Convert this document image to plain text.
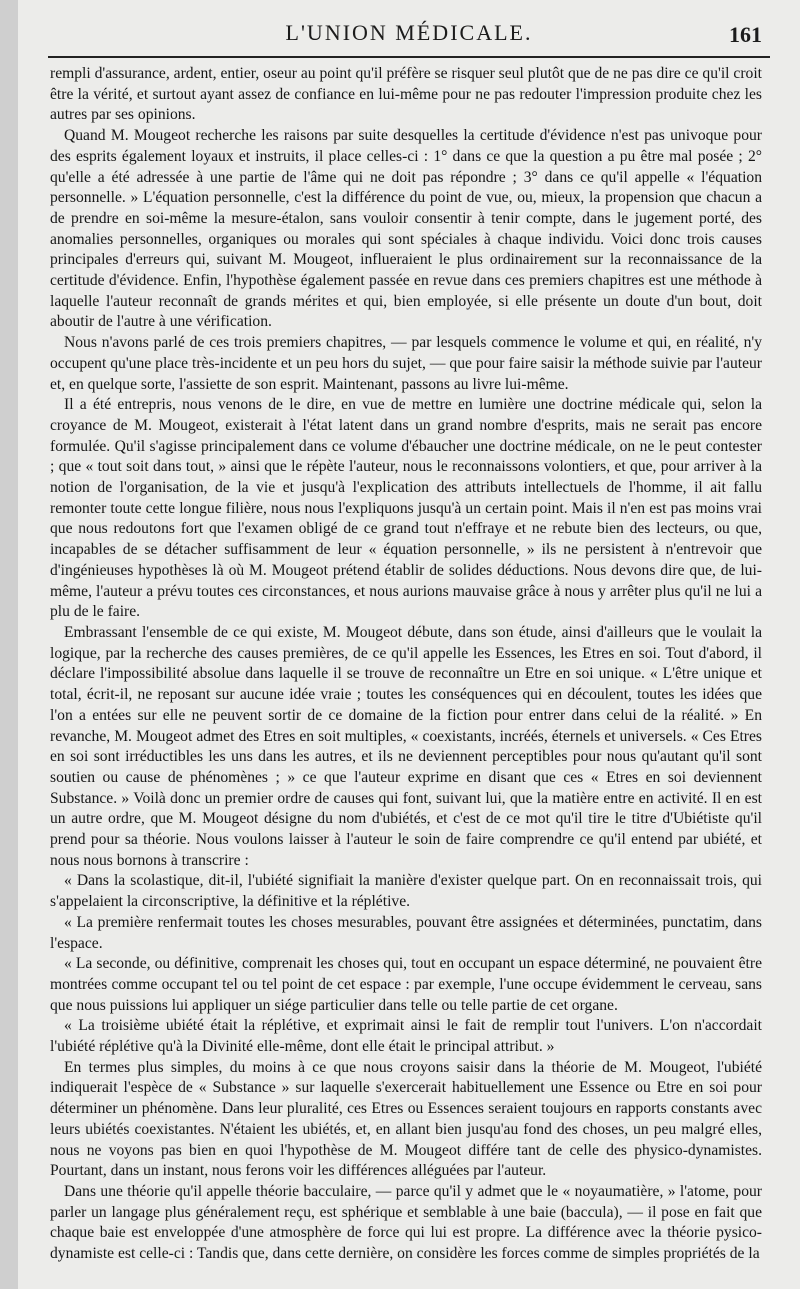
L'UNION MÉDICALE.	161

rempli d'assurance, ardent, entier, oseur au point qu'il préfère se risquer seul plutôt que de ne pas dire ce qu'il croit être la vérité, et surtout ayant assez de confiance en lui-même pour ne pas redouter l'impression produite chez les autres par ses opinions.

Quand M. Mougeot recherche les raisons par suite desquelles la certitude d'évidence n'est pas univoque pour des esprits également loyaux et instruits, il place celles-ci : 1° dans ce que la question a pu être mal posée ; 2° qu'elle a été adressée à une partie de l'âme qui ne doit pas répondre ; 3° dans ce qu'il appelle « l'équation personnelle. » L'équation personnelle, c'est la différence du point de vue, ou, mieux, la propension que chacun a de prendre en soi-même la mesure-étalon, sans vouloir consentir à tenir compte, dans le jugement porté, des anomalies personnelles, organiques ou morales qui sont spéciales à chaque individu. Voici donc trois causes principales d'erreurs qui, suivant M. Mougeot, influeraient le plus ordinairement sur la reconnaissance de la certitude d'évidence. Enfin, l'hypothèse également passée en revue dans ces premiers chapitres est une méthode à laquelle l'auteur reconnaît de grands mérites et qui, bien employée, si elle présente un doute d'un bout, doit aboutir de l'autre à une vérification.

Nous n'avons parlé de ces trois premiers chapitres, — par lesquels commence le volume et qui, en réalité, n'y occupent qu'une place très-incidente et un peu hors du sujet, — que pour faire saisir la méthode suivie par l'auteur et, en quelque sorte, l'assiette de son esprit. Maintenant, passons au livre lui-même.

Il a été entrepris, nous venons de le dire, en vue de mettre en lumière une doctrine médicale qui, selon la croyance de M. Mougeot, existerait à l'état latent dans un grand nombre d'esprits, mais ne serait pas encore formulée. Qu'il s'agisse principalement dans ce volume d'ébaucher une doctrine médicale, on ne le peut contester ; que « tout soit dans tout, » ainsi que le répète l'auteur, nous le reconnaissons volontiers, et que, pour arriver à la notion de l'organisation, de la vie et jusqu'à l'explication des attributs intellectuels de l'homme, il ait fallu remonter toute cette longue filière, nous nous l'expliquons jusqu'à un certain point. Mais il n'en est pas moins vrai que nous redoutons fort que l'examen obligé de ce grand tout n'effraye et ne rebute bien des lecteurs, ou que, incapables de se détacher suffisamment de leur « équation personnelle, » ils ne persistent à n'entrevoir que d'ingénieuses hypothèses là où M. Mougeot prétend établir de solides déductions. Nous devons dire que, de lui-même, l'auteur a prévu toutes ces circonstances, et nous aurions mauvaise grâce à nous y arrêter plus qu'il ne lui a plu de le faire.

Embrassant l'ensemble de ce qui existe, M. Mougeot débute, dans son étude, ainsi d'ailleurs que le voulait la logique, par la recherche des causes premières, de ce qu'il appelle les Essences, les Etres en soi. Tout d'abord, il déclare l'impossibilité absolue dans laquelle il se trouve de reconnaître un Etre en soi unique. « L'être unique et total, écrit-il, ne reposant sur aucune idée vraie ; toutes les conséquences qui en découlent, toutes les idées que l'on a entées sur elle ne peuvent sortir de ce domaine de la fiction pour entrer dans celui de la réalité. » En revanche, M. Mougeot admet des Etres en soit multiples, « coexistants, incréés, éternels et universels. « Ces Etres en soi sont irréductibles les uns dans les autres, et ils ne deviennent perceptibles pour nous qu'autant qu'il sont soutien ou cause de phénomènes ; » ce que l'auteur exprime en disant que ces « Etres en soi deviennent Substance. » Voilà donc un premier ordre de causes qui font, suivant lui, que la matière entre en activité. Il en est un autre ordre, que M. Mougeot désigne du nom d'ubiétés, et c'est de ce mot qu'il tire le titre d'Ubiétiste qu'il prend pour sa théorie. Nous voulons laisser à l'auteur le soin de faire comprendre ce qu'il entend par ubiété, et nous nous bornons à transcrire :

« Dans la scolastique, dit-il, l'ubiété signifiait la manière d'exister quelque part. On en reconnaissait trois, qui s'appelaient la circonscriptive, la définitive et la réplétive.

« La première renfermait toutes les choses mesurables, pouvant être assignées et déterminées, punctatim, dans l'espace.

« La seconde, ou définitive, comprenait les choses qui, tout en occupant un espace déterminé, ne pouvaient être montrées comme occupant tel ou tel point de cet espace : par exemple, l'une occupe évidemment le cerveau, sans que nous puissions lui appliquer un siége particulier dans telle ou telle partie de cet organe.

« La troisième ubiété était la réplétive, et exprimait ainsi le fait de remplir tout l'univers. L'on n'accordait l'ubiété réplétive qu'à la Divinité elle-même, dont elle était le principal attribut. »

En termes plus simples, du moins à ce que nous croyons saisir dans la théorie de M. Mougeot, l'ubiété indiquerait l'espèce de « Substance » sur laquelle s'exercerait habituellement une Essence ou Etre en soi pour déterminer un phénomène. Dans leur pluralité, ces Etres ou Essences seraient toujours en rapports constants avec leurs ubiétés coexistantes. N'étaient les ubiétés, et, en allant bien jusqu'au fond des choses, un peu malgré elles, nous ne voyons pas bien en quoi l'hypothèse de M. Mougeot différe tant de celle des physico-dynamistes. Pourtant, dans un instant, nous ferons voir les différences alléguées par l'auteur.

Dans une théorie qu'il appelle théorie bacculaire, — parce qu'il y admet que le « noyaumatière, » l'atome, pour parler un langage plus généralement reçu, est sphérique et semblable à une baie (baccula), — il pose en fait que chaque baie est enveloppée d'une atmosphère de force qui lui est propre. La différence avec la théorie pysico-dynamiste est celle-ci : Tandis que, dans cette dernière, on considère les forces comme de simples propriétés de la
